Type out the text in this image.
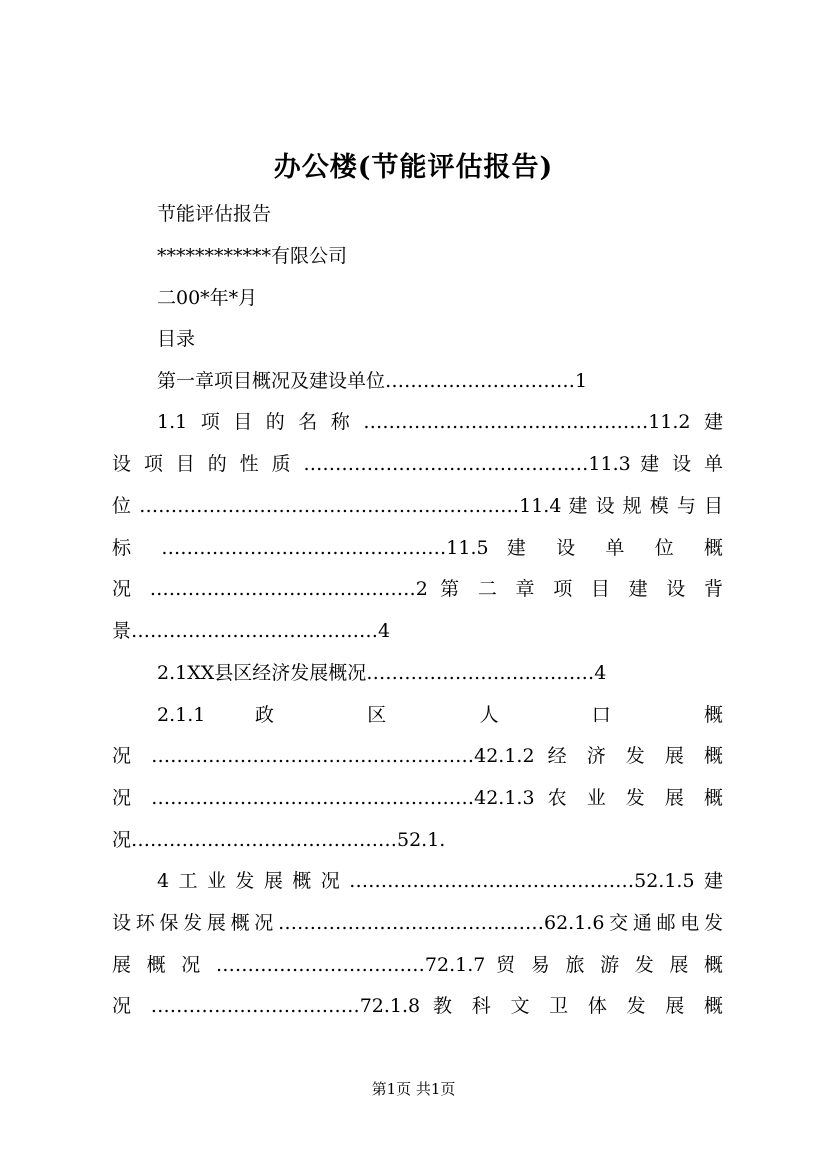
办公楼(节能评估报告)
节能评估报告
************有限公司
二00*年*月
目录
第一章项目概况及建设单位…………………………1
1.1项目的名称………………………………………11.2建
设 项 目 的 性 质 ………………………………………11.3 建 设 单
位 ……………………………………………………11.4 建 设 规 模 与 目
标 ………………………………………11.5 建 设 单 位 概
况 ……………………………………2 第 二 章 项 目 建 设 背
景…………………………………4
2.1XX县区经济发展概况………………………………4
2.1.1 政 区 人 口 概
况 ……………………………………………42.1.2 经 济 发 展 概
况 ……………………………………………42.1.3 农 业 发 展 概
况……………………………………52.1.
4工业发展概况………………………………………52.1.5建
设环保发展概况……………………………………62.1.6交通邮电发
展 概 况 ……………………………72.1.7 贸 易 旅 游 发 展 概
况 ……………………………72.1.8 教 科 文 卫 体 发 展 概
第1页 共1页
